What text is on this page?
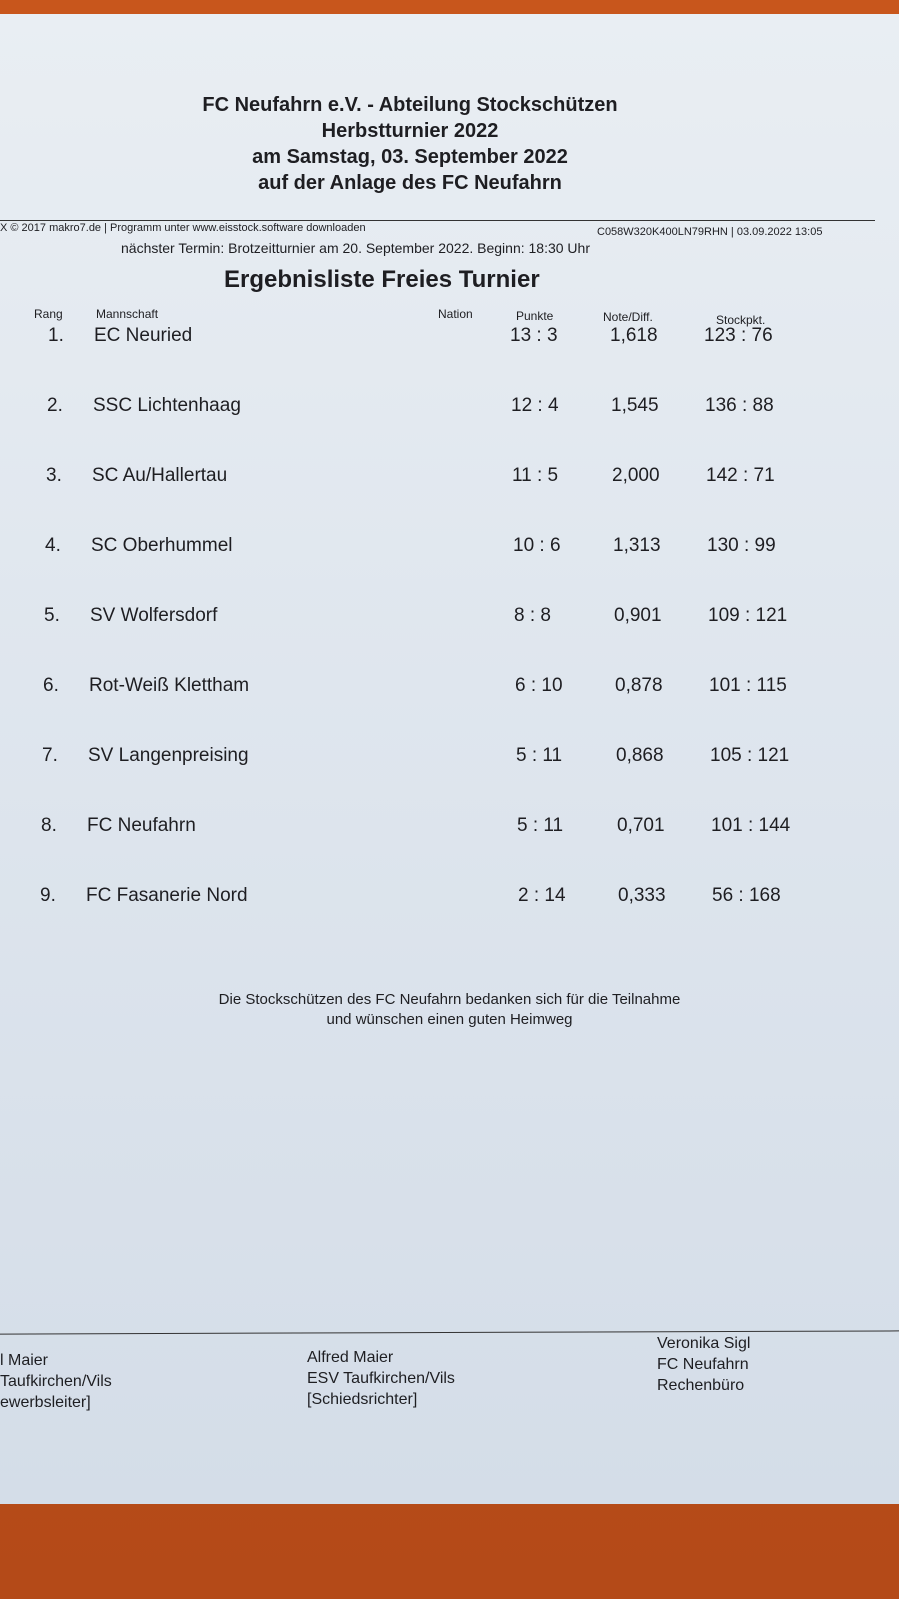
FC Neufahrn e.V. - Abteilung Stockschützen
Herbstturnier 2022
am Samstag, 03. September 2022
auf der Anlage des FC Neufahrn
X © 2017 makro7.de | Programm unter www.eisstock.software downloaden	C058W320K400LN79RHN | 03.09.2022 13:05
nächster Termin: Brotzeitturnier am 20. September 2022. Beginn: 18:30 Uhr
Ergebnisliste Freies Turnier
Rang	Mannschaft	Nation	Punkte	Note/Diff.	Stockpkt.
1. EC Neuried	13 : 3	1,618 123 : 76
2. SSC Lichtenhaag	12 : 4	1,545 136 : 88
3. SC Au/Hallertau	11 : 5	2,000 142 : 71
4. SC Oberhummel	10 : 6	1,313 130 : 99
5. SV Wolfersdorf	8 : 8	0,901 109 : 121
6. Rot-Weiß Klettham	6 : 10	0,878 101 : 115
7. SV Langenpreising	5 : 11	0,868 105 : 121
8. FC Neufahrn	5 : 11	0,701 101 : 144
9. FC Fasanerie Nord	2 : 14	0,333 56 : 168
Die Stockschützen des FC Neufahrn bedanken sich für die Teilnahme
und wünschen einen guten Heimweg
l Maier
Taufkirchen/Vils
ewerbsleiter]
Alfred Maier
ESV Taufkirchen/Vils
[Schiedsrichter]
Veronika Sigl
FC Neufahrn
Rechenbüro
